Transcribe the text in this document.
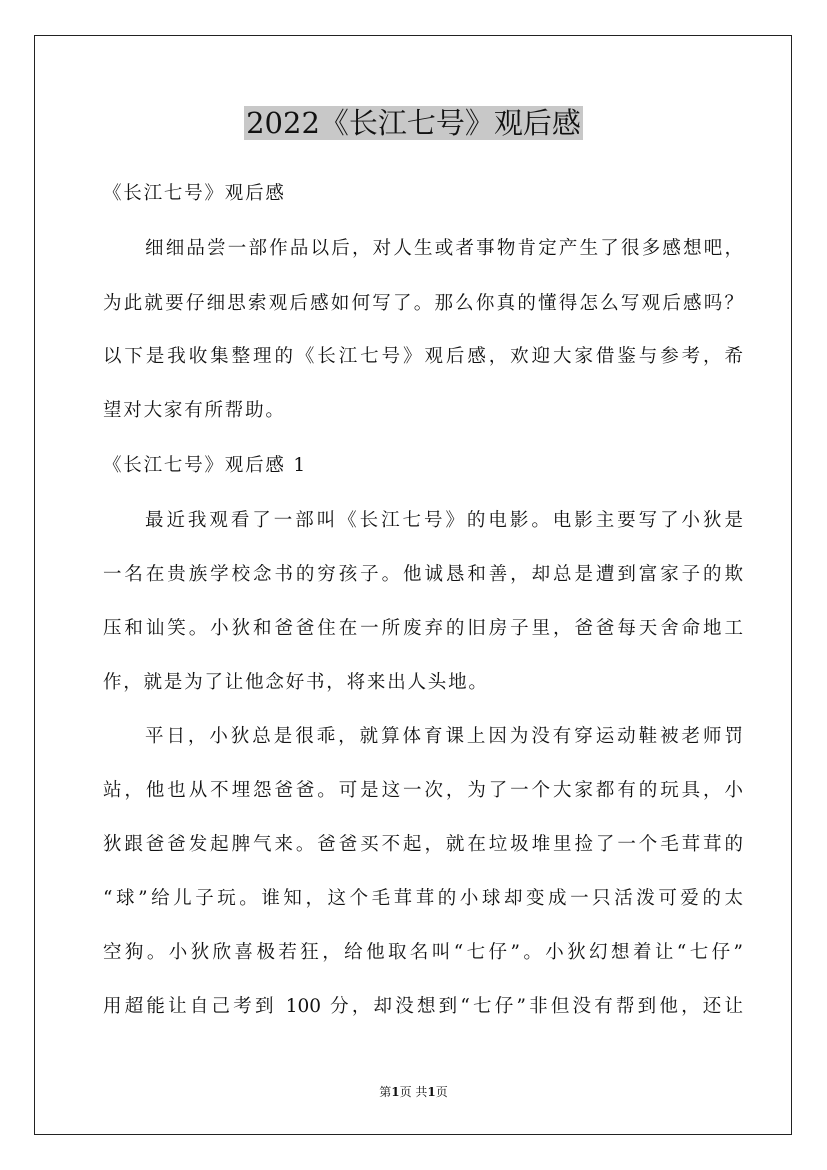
2022《长江七号》观后感
《长江七号》观后感
细细品尝一部作品以后，对人生或者事物肯定产生了很多感想吧，
为此就要仔细思索观后感如何写了。那么你真的懂得怎么写观后感吗？
以下是我收集整理的《长江七号》观后感，欢迎大家借鉴与参考，希
望对大家有所帮助。
《长江七号》观后感 1
最近我观看了一部叫《长江七号》的电影。电影主要写了小狄是
一名在贵族学校念书的穷孩子。他诚恳和善，却总是遭到富家子的欺
压和讪笑。小狄和爸爸住在一所废弃的旧房子里，爸爸每天舍命地工
作，就是为了让他念好书，将来出人头地。
平日，小狄总是很乖，就算体育课上因为没有穿运动鞋被老师罚
站，他也从不埋怨爸爸。可是这一次，为了一个大家都有的玩具，小
狄跟爸爸发起脾气来。爸爸买不起，就在垃圾堆里捡了一个毛茸茸的
“球”给儿子玩。谁知，这个毛茸茸的小球却变成一只活泼可爱的太
空狗。小狄欣喜极若狂，给他取名叫“七仔”。小狄幻想着让“七仔”
用超能让自己考到 100 分，却没想到“七仔”非但没有帮到他，还让
第1页 共1页
